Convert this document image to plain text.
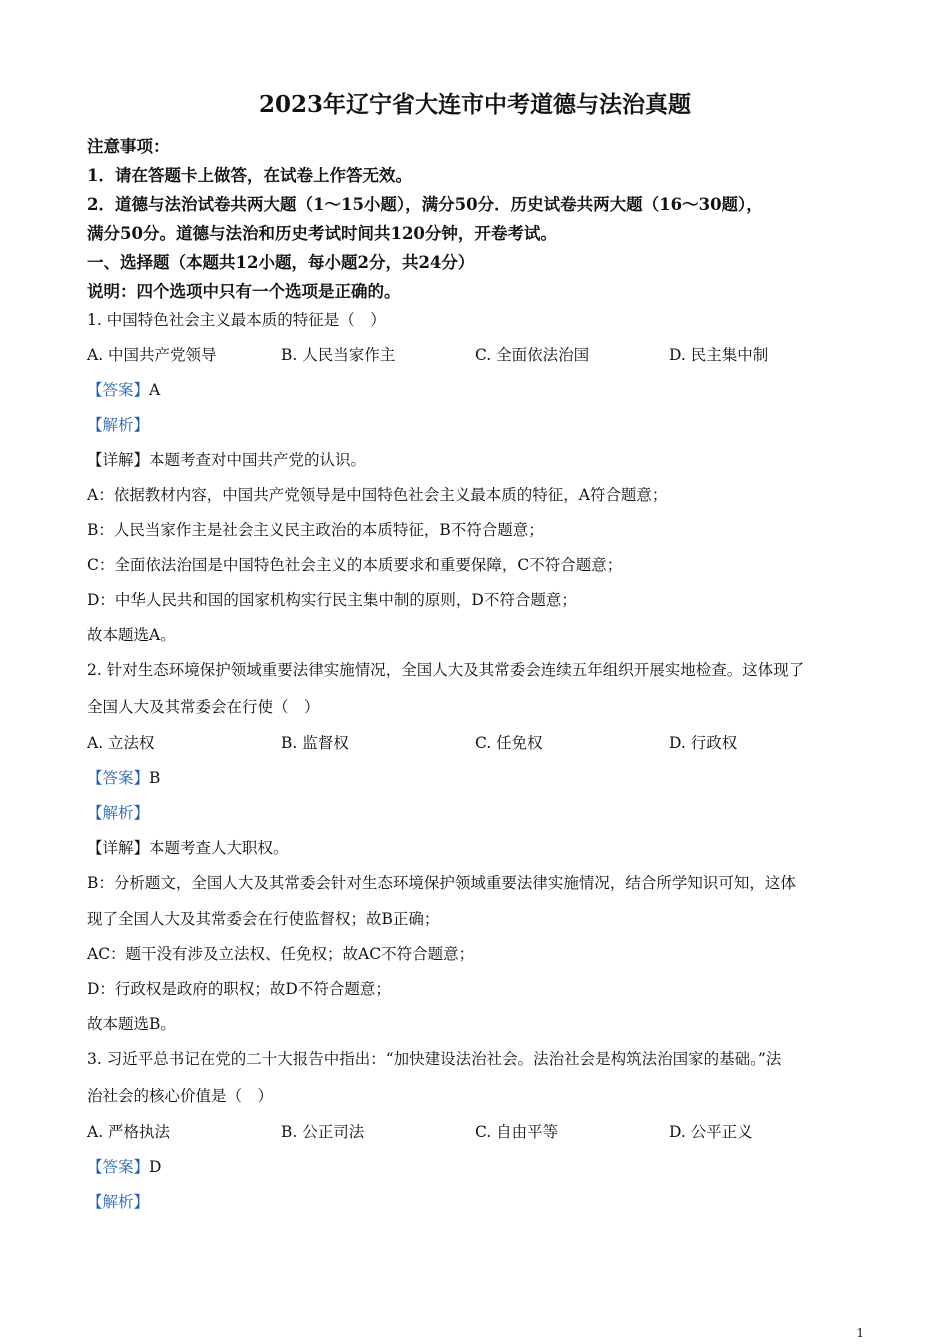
2023年辽宁省大连市中考道德与法治真题
注意事项：
1．请在答题卡上做答，在试卷上作答无效。
2．道德与法治试卷共两大题（1～15小题），满分50分．历史试卷共两大题（16～30题），
满分50分。道德与法治和历史考试时间共120分钟，开卷考试。
一、选择题（本题共12小题，每小题2分，共24分）
说明：四个选项中只有一个选项是正确的。
1. 中国特色社会主义最本质的特征是（　）
A. 中国共产党领导	B. 人民当家作主	C. 全面依法治国	D. 民主集中制
【答案】A
【解析】
【详解】本题考查对中国共产党的认识。
A：依据教材内容，中国共产党领导是中国特色社会主义最本质的特征，A符合题意；
B：人民当家作主是社会主义民主政治的本质特征，B不符合题意；
C：全面依法治国是中国特色社会主义的本质要求和重要保障，C不符合题意；
D：中华人民共和国的国家机构实行民主集中制的原则，D不符合题意；
故本题选A。
2. 针对生态环境保护领域重要法律实施情况，全国人大及其常委会连续五年组织开展实地检查。这体现了
全国人大及其常委会在行使（　）
A. 立法权	B. 监督权	C. 任免权	D. 行政权
【答案】B
【解析】
【详解】本题考查人大职权。
B：分析题文，全国人大及其常委会针对生态环境保护领域重要法律实施情况，结合所学知识可知，这体
现了全国人大及其常委会在行使监督权；故B正确；
AC：题干没有涉及立法权、任免权；故AC不符合题意；
D：行政权是政府的职权；故D不符合题意；
故本题选B。
3. 习近平总书记在党的二十大报告中指出：“加快建设法治社会。法治社会是构筑法治国家的基础。”法
治社会的核心价值是（　）
A. 严格执法	B. 公正司法	C. 自由平等	D. 公平正义
【答案】D
【解析】
1
